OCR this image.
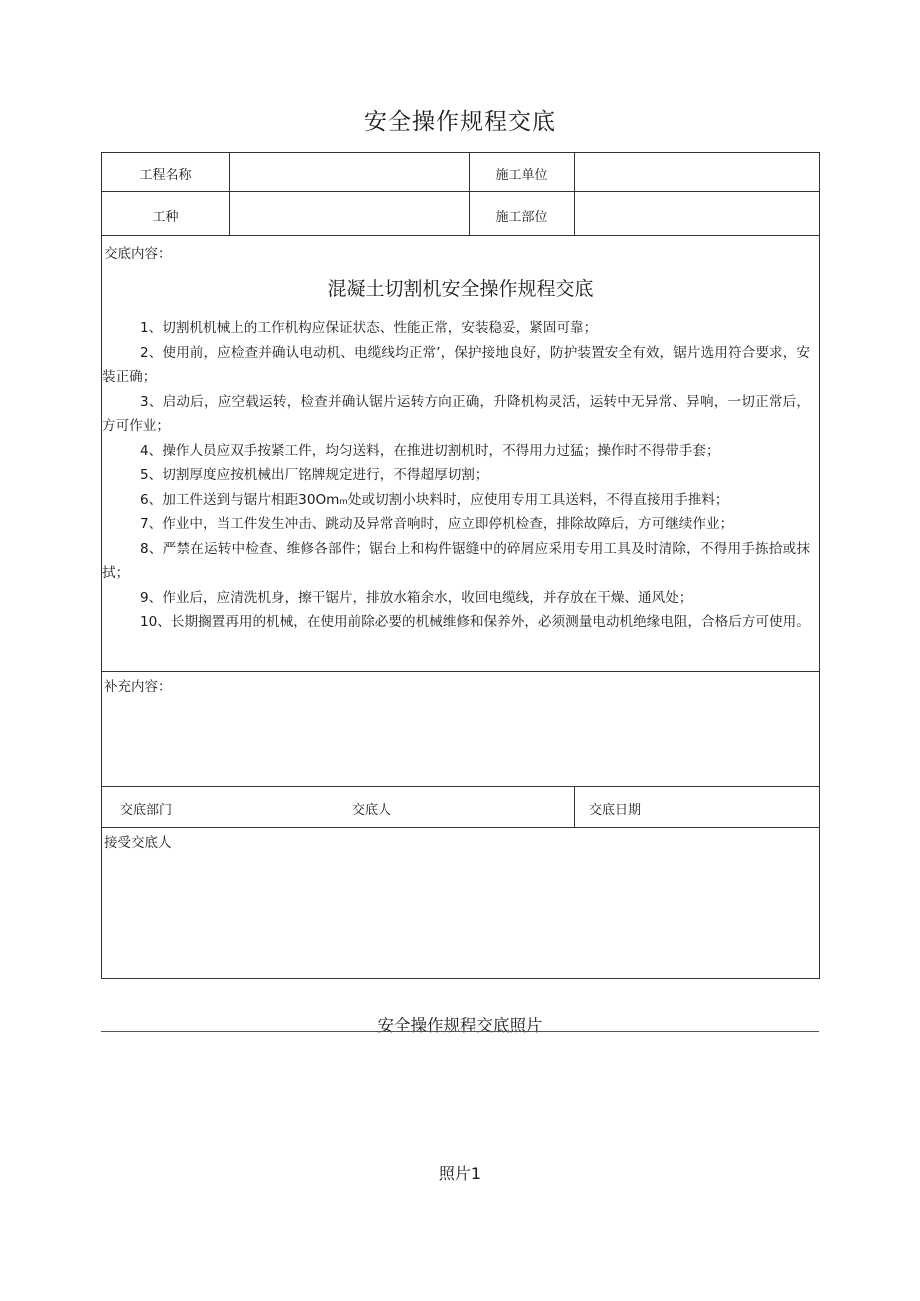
安全操作规程交底
工程名称	施工单位
工种	施工部位
交底内容：
混凝土切割机安全操作规程交底
1、切割机机械上的工作机构应保证状态、性能正常，安装稳妥，紧固可靠；
2、使用前，应检查并确认电动机、电缆线均正常’，保护接地良好，防护装置安全有效，锯片选用符合要求，安装正确；
3、启动后，应空载运转，检查并确认锯片运转方向正确，升降机构灵活，运转中无异常、异响，一切正常后，方可作业；
4、操作人员应双手按紧工件，均匀送料，在推进切割机时，不得用力过猛；操作时不得带手套；
5、切割厚度应按机械出厂铭牌规定进行，不得超厚切割；
6、加工件送到与锯片相距30Omₘ处或切割小块料时，应使用专用工具送料，不得直接用手推料；
7、作业中，当工件发生冲击、跳动及异常音响时，应立即停机检查，排除故障后，方可继续作业；
8、严禁在运转中检查、维修各部件；锯台上和构件锯缝中的碎屑应采用专用工具及时清除，不得用手拣拾或抹拭；
9、作业后，应清洗机身，擦干锯片，排放水箱余水，收回电缆线，并存放在干燥、通风处；
10、长期搁置再用的机械，在使用前除必要的机械维修和保养外，必须测量电动机绝缘电阻，合格后方可使用。
补充内容：
交底部门	交底人	交底日期
接受交底人
安全操作规程交底照片
照片1
